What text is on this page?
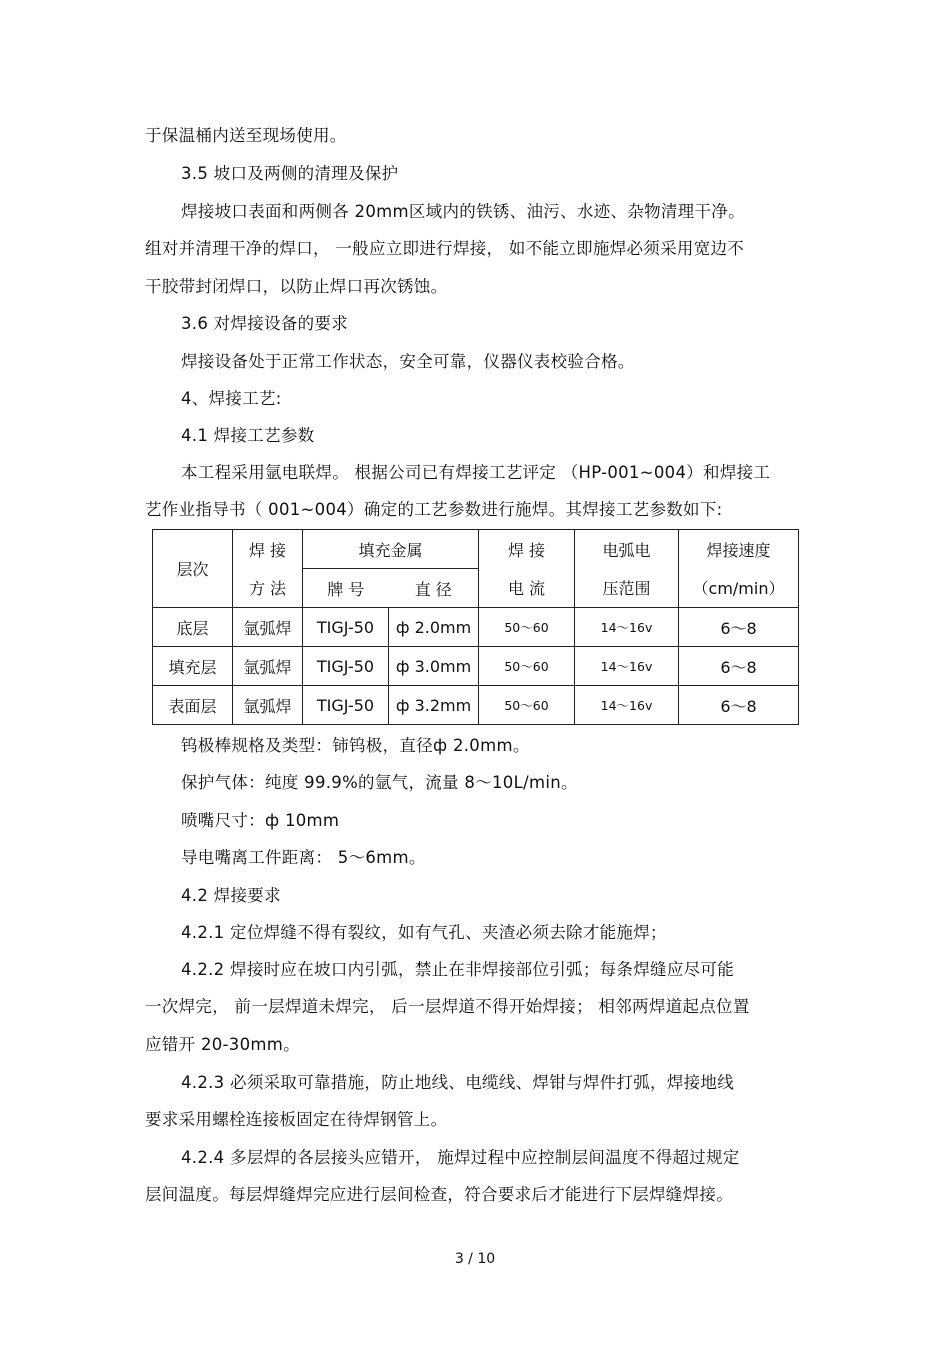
于保温桶内送至现场使用。
3.5 坡口及两侧的清理及保护
焊接坡口表面和两侧各 20mm区域内的铁锈、油污、水迹、杂物清理干净。
组对并清理干净的焊口， 一般应立即进行焊接， 如不能立即施焊必须采用宽边不
干胶带封闭焊口，以防止焊口再次锈蚀。
3.6 对焊接设备的要求
焊接设备处于正常工作状态，安全可靠，仪器仪表校验合格。
4、焊接工艺:
4.1 焊接工艺参数
本工程采用氩电联焊。 根据公司已有焊接工艺评定 （HP-001~004）和焊接工
艺作业指导书（ 001~004）确定的工艺参数进行施焊。其焊接工艺参数如下:
层次	焊 接	填充金属		焊 接	电弧电	焊接速度
	方 法	牌 号	直 径	电 流	压范围	（cm/min）
底层	氩弧焊	TIGJ-50	ф 2.0mm	50～60	14～16v	6～8
填充层	氩弧焊	TIGJ-50	ф 3.0mm	50～60	14～16v	6～8
表面层	氩弧焊	TIGJ-50	ф 3.2mm	50～60	14～16v	6～8
钨极棒规格及类型：铈钨极，直径ф 2.0mm。
保护气体：纯度 99.9%的氩气，流量 8～10L/min。
喷嘴尺寸：ф 10mm
导电嘴离工件距离： 5～6mm。
4.2 焊接要求
4.2.1 定位焊缝不得有裂纹，如有气孔、夹渣必须去除才能施焊；
4.2.2 焊接时应在坡口内引弧，禁止在非焊接部位引弧；每条焊缝应尽可能
一次焊完， 前一层焊道未焊完， 后一层焊道不得开始焊接； 相邻两焊道起点位置
应错开 20-30mm。
4.2.3 必须采取可靠措施，防止地线、电缆线、焊钳与焊件打弧，焊接地线
要求采用螺栓连接板固定在待焊钢管上。
4.2.4 多层焊的各层接头应错开， 施焊过程中应控制层间温度不得超过规定
层间温度。每层焊缝焊完应进行层间检查，符合要求后才能进行下层焊缝焊接。
3 / 10
